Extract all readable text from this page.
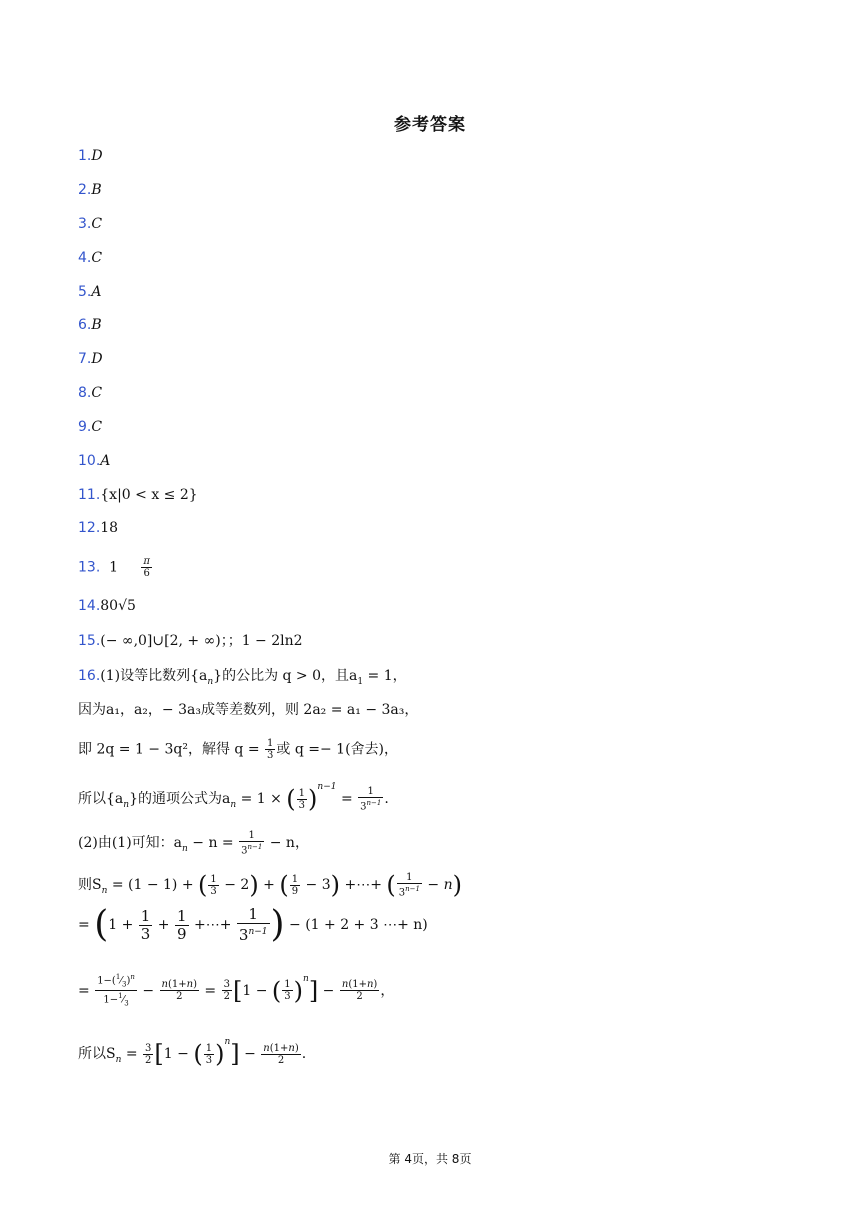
参考答案
1.D
2.B
3.C
4.C
5.A
6.B
7.D
8.C
9.C
10.A
11.{x|0 < x ≤ 2}
12.18
13. $1 \frac{\pi}{6}$
14.80√5
15.(− ∞,0]∪[2, + ∞)；；1 − 2ln2
16.(1)设等比数列$\{a_n\}$的公比为 q > 0，且$a_1 = 1$，
因为a₁，a₂，− 3a₃成等差数列，则 2a₂ = a₁ − 3a₃，
即 2q = 1 − 3q²，解得 $q = \frac{1}{3}$ 或 q =− 1(舍去)，
所以$\{a_n\}$的通项公式为$a_n = 1$ × ( $\frac{1}{3} )^{n-1} = \frac{1}{3^{n-1}}$ .
(2)由(1)可知：$a_n - n = \frac{1}{3^{n-1}} - n$，
则$S_n = (1 - 1)$ + ( $\frac{1}{3} - 2$) + ( $\frac{1}{9} - 3$) +⋯+ ( $\frac{1}{3^{n-1}} - n$)
= ($1 + \frac{1}{3} + \frac{1}{9}$ +⋯+ $\frac{1}{3^{n-1}}$ ) − (1 + 2 + 3 ⋯+ n)
= $\frac{1-(^1⁄_3)^n}{1-^1⁄_3} - \frac{n(1+n)}{2} = \frac{3}{2} [1$ − ( $\frac{1}{3} )^n] - \frac{n(1+n)}{2}$ ，
所以$S_n = \frac{3}{2} [1$ − ( $\frac{1}{3} )^n] - \frac{n(1+n)}{2}$ .
第 4页，共 8页
